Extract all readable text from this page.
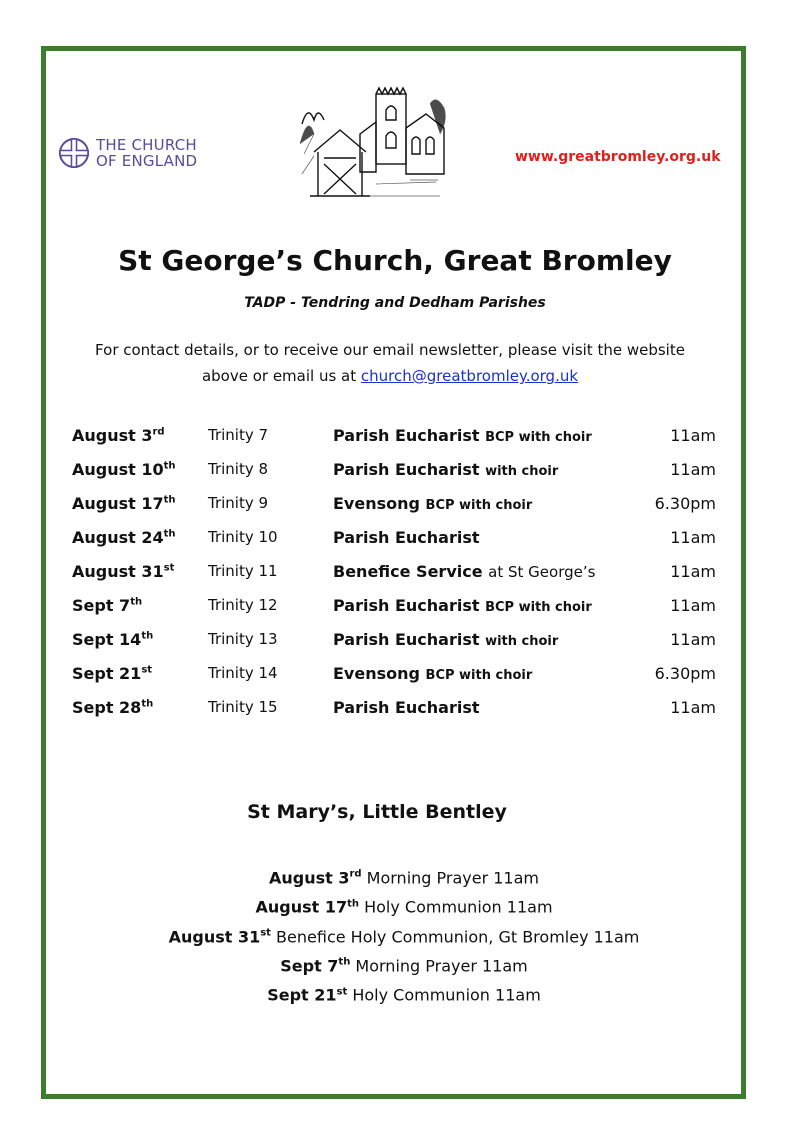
THE CHURCH
OF ENGLAND	www.greatbromley.org.uk
St George’s Church, Great Bromley
TADP - Tendring and Dedham Parishes
For contact details, or to receive our email newsletter, please visit the website
above or email us at church@greatbromley.org.uk
August 3rd	Trinity 7	Parish Eucharist BCP with choir	11am
August 10th Trinity 8	Parish Eucharist with choir	11am
August 17th Trinity 9	Evensong BCP with choir	6.30pm
August 24th Trinity 10	Parish Eucharist	11am
August 31st Trinity 11	Benefice Service at St George’s	11am
Sept 7th	Trinity 12	Parish Eucharist BCP with choir	11am
Sept 14th	Trinity 13	Parish Eucharist with choir	11am
Sept 21st	Trinity 14	Evensong BCP with choir	6.30pm
Sept 28th	Trinity 15	Parish Eucharist	11am
St Mary’s, Little Bentley
August 3rd Morning Prayer 11am
August 17th Holy Communion 11am
August 31st Benefice Holy Communion, Gt Bromley 11am
Sept 7th Morning Prayer 11am
Sept 21st Holy Communion 11am
